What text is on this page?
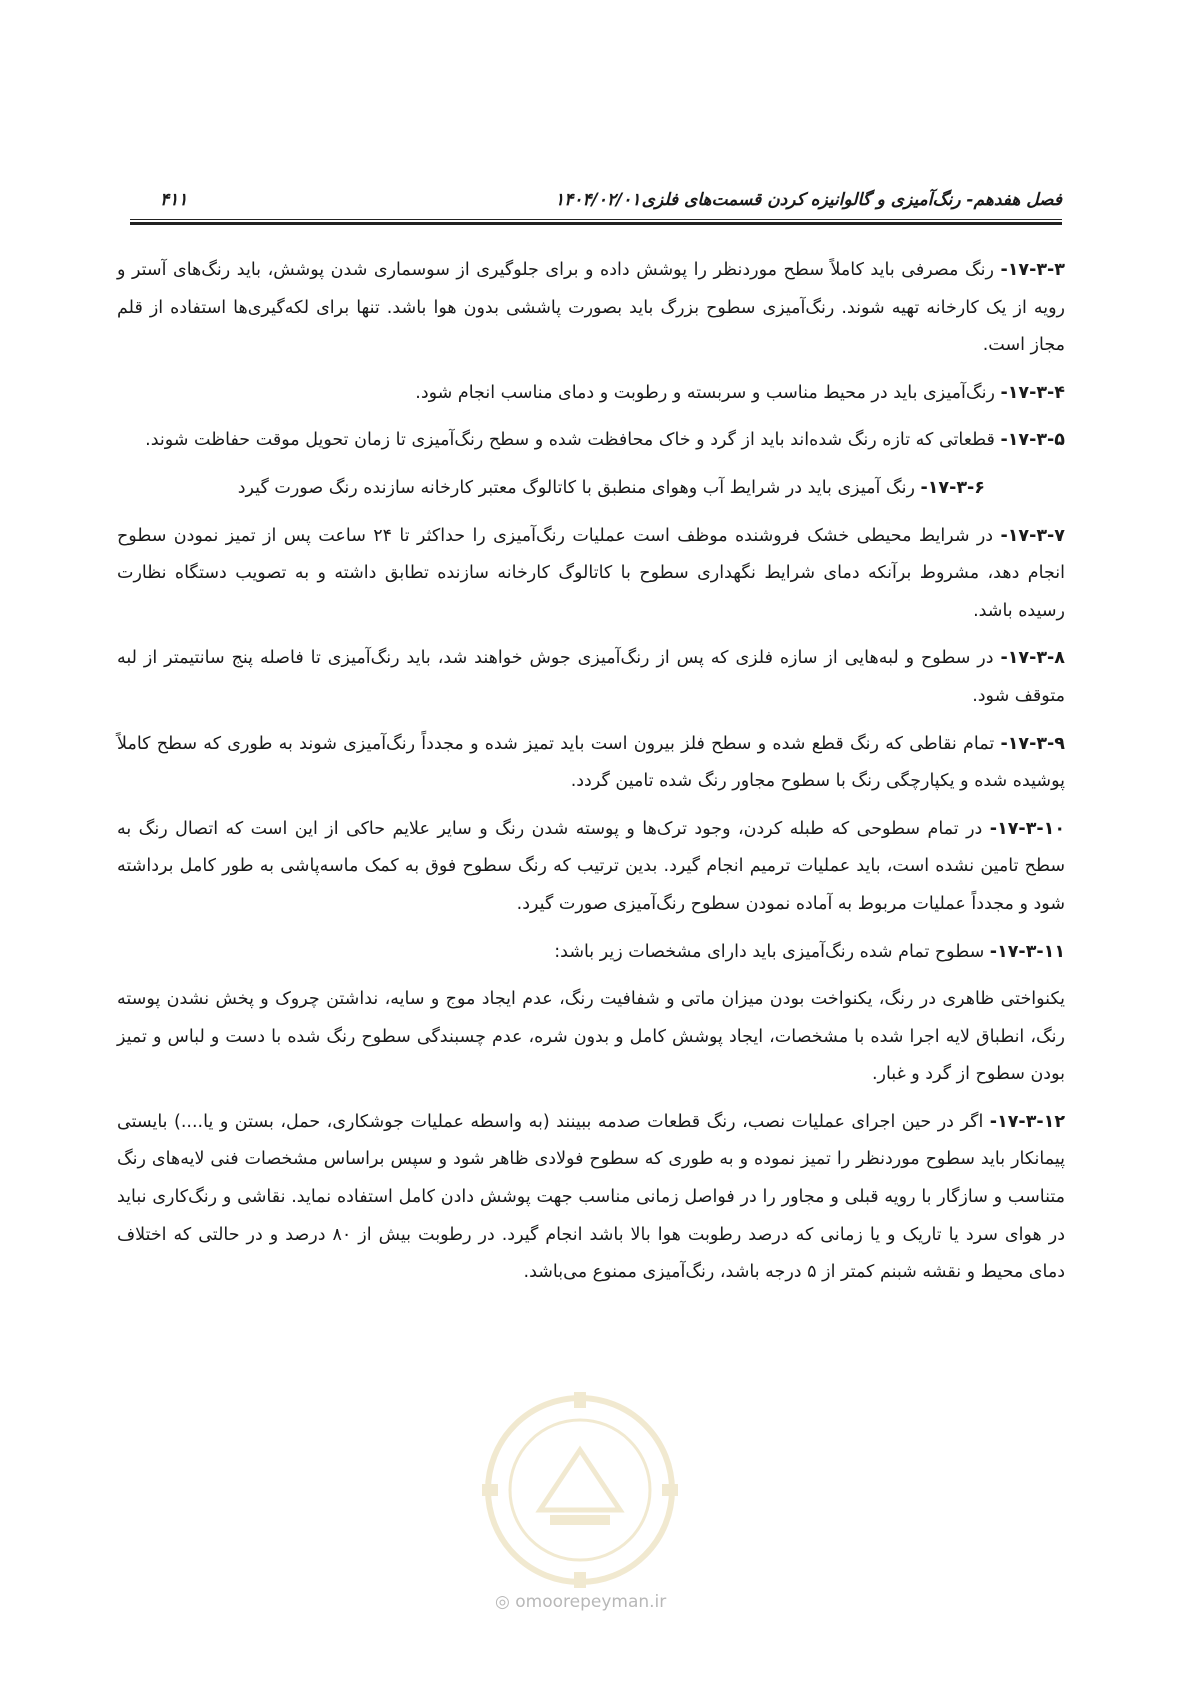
فصل هفدهم- رنگ‌آمیزی و گالوانیزه کردن قسمت‌های فلزی
۱۴۰۴/۰۲/۰۱
۴۱۱

۱۷-۳-۳- رنگ مصرفی باید کاملاً سطح موردنظر را پوشش داده و برای جلوگیری از سوسماری شدن پوشش، باید رنگ‌های آستر و رویه از یک کارخانه تهیه شوند. رنگ‌آمیزی سطوح بزرگ باید بصورت پاششی بدون هوا باشد. تنها برای لکه‌گیری‌ها استفاده از قلم مجاز است.

۱۷-۳-۴- رنگ‌آمیزی باید در محیط مناسب و سربسته و رطوبت و دمای مناسب انجام شود.

۱۷-۳-۵- قطعاتی که تازه رنگ شده‌اند باید از گرد و خاک محافظت شده و سطح رنگ‌آمیزی تا زمان تحویل موقت حفاظت شوند.

۱۷-۳-۶- رنگ آمیزی باید در شرایط آب وهوای منطبق با کاتالوگ معتبر کارخانه سازنده رنگ صورت گیرد

۱۷-۳-۷- در شرایط محیطی خشک فروشنده موظف است عملیات رنگ‌آمیزی را حداکثر تا ۲۴ ساعت پس از تمیز نمودن سطوح انجام دهد، مشروط برآنکه دمای شرایط نگهداری سطوح با کاتالوگ کارخانه سازنده تطابق داشته و به تصویب دستگاه نظارت رسیده باشد.

۱۷-۳-۸- در سطوح و لبه‌هایی از سازه فلزی که پس از رنگ‌آمیزی جوش خواهند شد، باید رنگ‌آمیزی تا فاصله پنج سانتیمتر از لبه متوقف شود.

۱۷-۳-۹- تمام نقاطی که رنگ قطع شده و سطح فلز بیرون است باید تمیز شده و مجدداً رنگ‌آمیزی شوند به طوری که سطح کاملاً پوشیده شده و یکپارچگی رنگ با سطوح مجاور رنگ شده تامین گردد.

۱۷-۳-۱۰- در تمام سطوحی که طبله کردن، وجود ترک‌ها و پوسته شدن رنگ و سایر علایم حاکی از این است که اتصال رنگ به سطح تامین نشده است، باید عملیات ترمیم انجام گیرد. بدین ترتیب که رنگ سطوح فوق به کمک ماسه‌پاشی به طور کامل برداشته شود و مجدداً عملیات مربوط به آماده نمودن سطوح رنگ‌آمیزی صورت گیرد.

۱۷-۳-۱۱- سطوح تمام شده رنگ‌آمیزی باید دارای مشخصات زیر باشد:

یکنواختی ظاهری در رنگ، یکنواخت بودن میزان ماتی و شفافیت رنگ، عدم ایجاد موج و سایه، نداشتن چروک و پخش نشدن پوسته رنگ، انطباق لایه اجرا شده با مشخصات، ایجاد پوشش کامل و بدون شره، عدم چسبندگی سطوح رنگ شده با دست و لباس و تمیز بودن سطوح از گرد و غبار.

۱۷-۳-۱۲- اگر در حین اجرای عملیات نصب، رنگ قطعات صدمه ببینند (به واسطه عملیات جوشکاری، حمل، بستن و یا....) بایستی پیمانکار باید سطوح موردنظر را تمیز نموده و به طوری که سطوح فولادی ظاهر شود و سپس براساس مشخصات فنی لایه‌های رنگ متناسب و سازگار با رویه قبلی و مجاور را در فواصل زمانی مناسب جهت پوشش دادن کامل استفاده نماید. نقاشی و رنگ‌کاری نباید در هوای سرد یا تاریک و یا زمانی که درصد رطوبت هوا بالا باشد انجام گیرد. در رطوبت بیش از ۸۰ درصد و در حالتی که اختلاف دمای محیط و نقشه شبنم کمتر از ۵ درجه باشد، رنگ‌آمیزی ممنوع می‌باشد.

◎ omoorepeyman.ir
